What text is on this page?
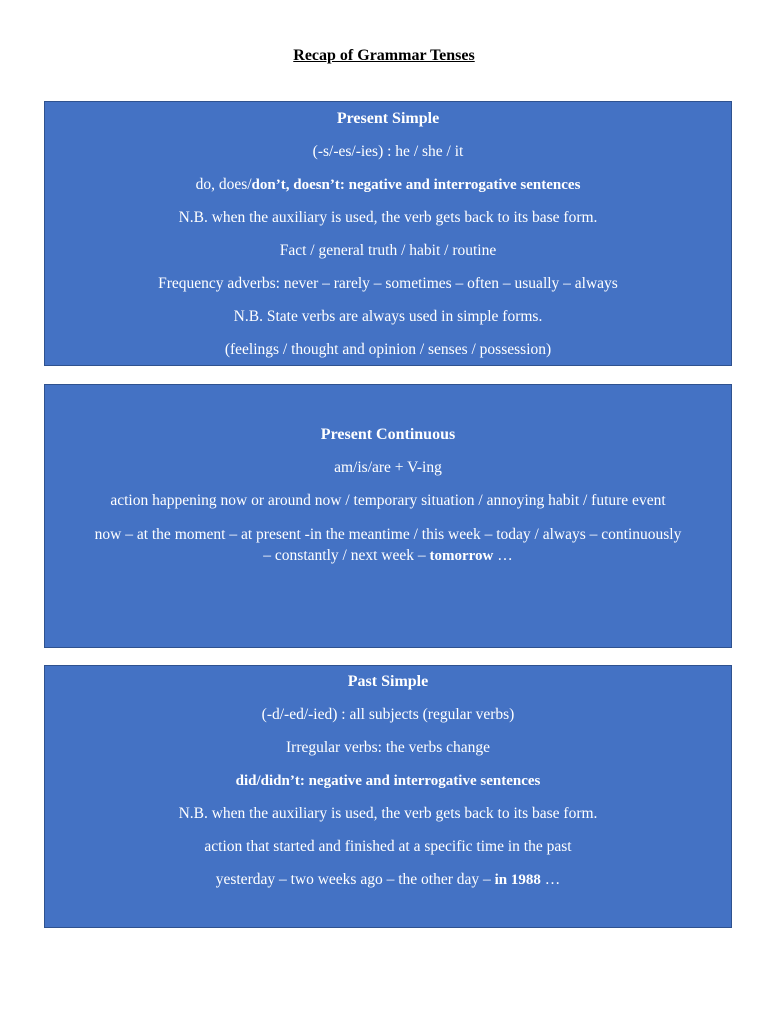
Recap of Grammar Tenses

Present Simple

(-s/-es/-ies) : he / she / it

do, does/don’t, doesn’t: negative and interrogative sentences

N.B. when the auxiliary is used, the verb gets back to its base form.

Fact / general truth / habit / routine

Frequency adverbs: never – rarely – sometimes – often – usually – always

N.B. State verbs are always used in simple forms.

(feelings / thought and opinion / senses / possession)

Present Continuous

am/is/are + V-ing

action happening now or around now / temporary situation / annoying habit / future event

now – at the moment – at present -in the meantime / this week – today / always – continuously
– constantly / next week – tomorrow …

Past Simple

(-d/-ed/-ied) : all subjects (regular verbs)

Irregular verbs: the verbs change

did/didn’t: negative and interrogative sentences

N.B. when the auxiliary is used, the verb gets back to its base form.

action that started and finished at a specific time in the past

yesterday – two weeks ago – the other day – in 1988 …
